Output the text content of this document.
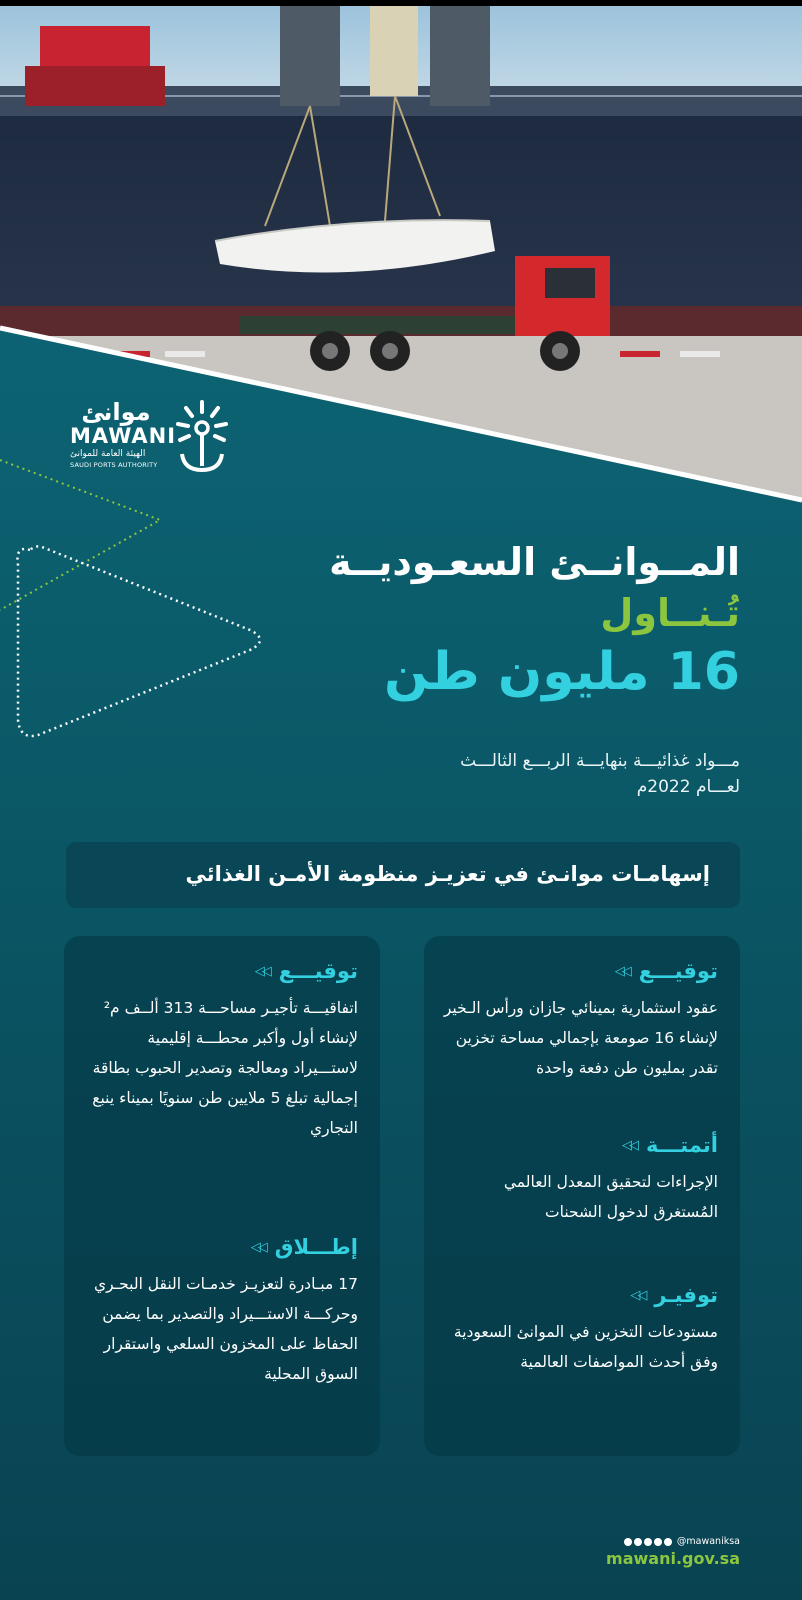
موانئ
MAWANI
الهيئة العامة للموانئ
SAUDI PORTS AUTHORITY
المــوانــئ السعـوديــة
تُـنــاول
16 مليون طن
مـــواد غذائيـــة بنهايـــة الربـــع الثالـــث
لعـــام 2022م
إسهامـات موانـئ في تعزيـز منظومة الأمـن الغذائي
توقيـــع◁◁
عقود استثمارية بمينائي جازان ورأس الـخير لإنشاء 16 صومعة بإجمالي مساحة تخزين تقدر بمليون طن دفعة واحدة
أتمتـــة◁◁
الإجراءات لتحقيق المعدل العالمي المُستغرق لدخول الشحنات
توفيـر◁◁
مستودعات التخزين في الموانئ السعودية وفق أحدث المواصفات العالمية
توقيـــع◁◁
اتفاقيـــة تأجيـر مساحـــة 313 ألــف م² لإنشاء أول وأكبر محطـــة إقليمية لاستـــيراد ومعالجة وتصدير الحبوب بطاقة إجمالية تبلغ 5 ملايين طن سنويًا بميناء ينبع التجاري
إطـــلاق◁◁
17 مبـادرة لتعزيـز خدمـات النقل البحـري وحركـــة الاستـــيراد والتصدير بما يضمن الحفاظ على المخزون السلعي واستقرار السوق المحلية
@mawaniksa
mawani.gov.sa
